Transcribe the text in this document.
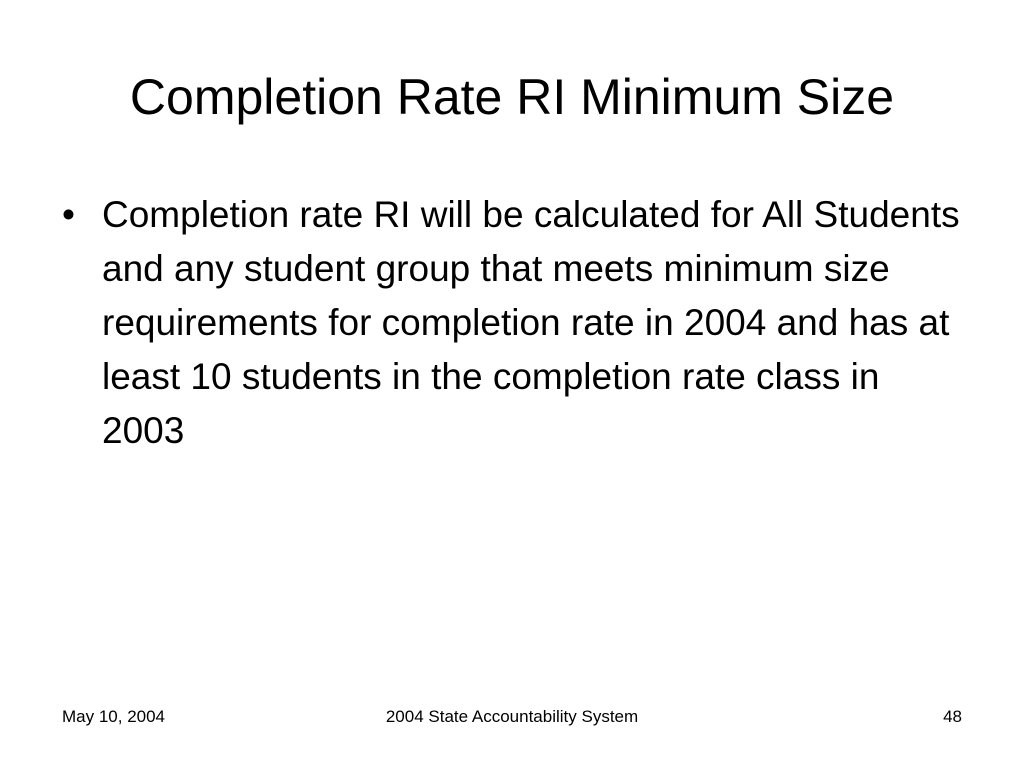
Completion Rate RI Minimum Size
• Completion rate RI will be calculated for All Students and any student group that meets minimum size requirements for completion rate in 2004 and has at least 10 students in the completion rate class in 2003
May 10, 2004	2004 State Accountability System	48
